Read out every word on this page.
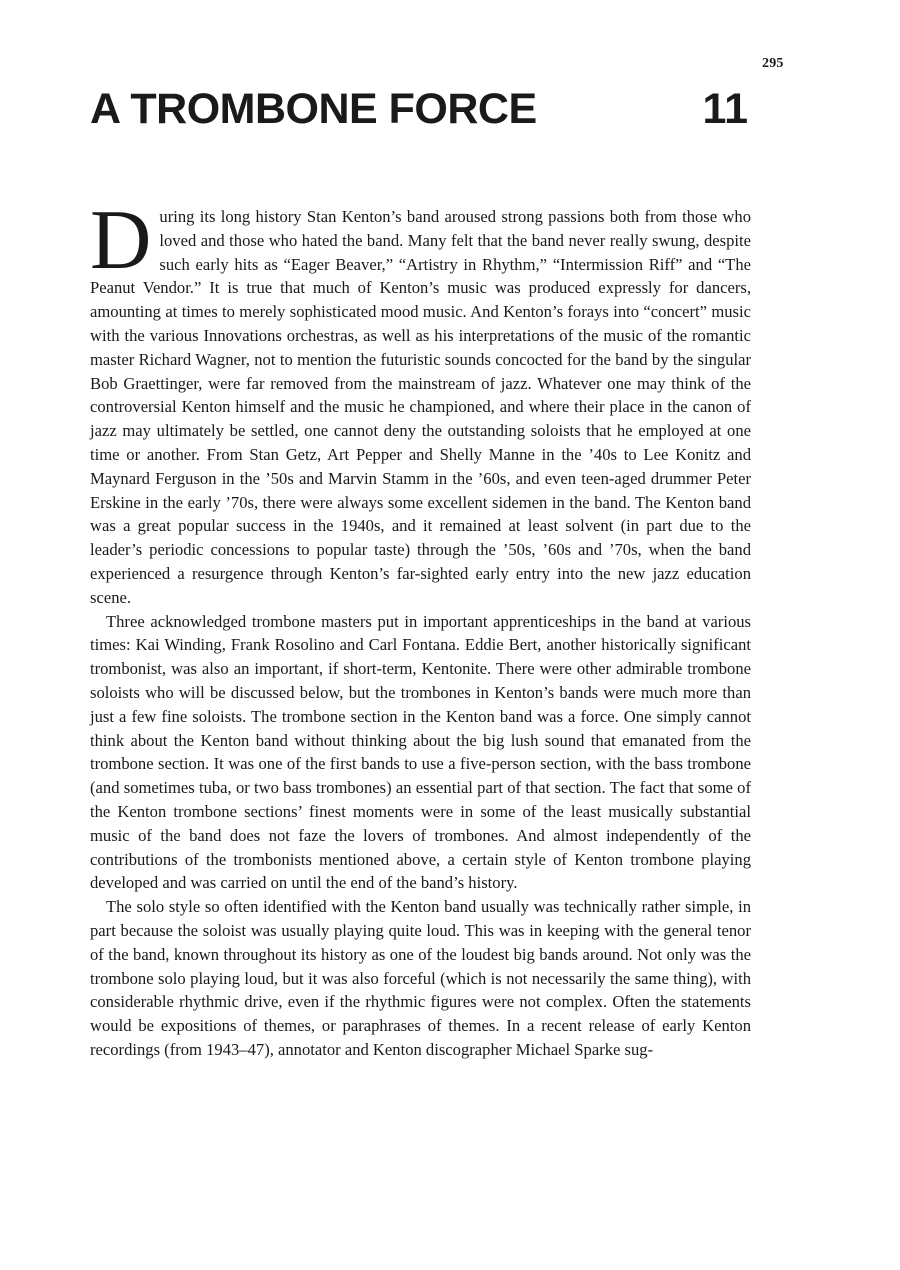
295
A TROMBONE FORCE	11

During its long history Stan Kenton’s band aroused strong passions both from those who loved and those who hated the band. Many felt that the band never really swung, despite such early hits as “Eager Beaver,” “Artistry in Rhythm,” “Intermission Riff” and “The Peanut Vendor.” It is true that much of Kenton’s music was produced expressly for dancers, amounting at times to merely sophisticated mood music. And Kenton’s forays into “concert” music with the various Innovations orchestras, as well as his interpretations of the music of the romantic master Richard Wagner, not to mention the futuristic sounds concocted for the band by the singular Bob Graettinger, were far removed from the mainstream of jazz. Whatever one may think of the controversial Kenton himself and the music he championed, and where their place in the canon of jazz may ultimately be settled, one cannot deny the outstanding soloists that he employed at one time or another. From Stan Getz, Art Pepper and Shelly Manne in the ’40s to Lee Konitz and Maynard Ferguson in the ’50s and Marvin Stamm in the ’60s, and even teen-aged drummer Peter Erskine in the early ’70s, there were always some excellent sidemen in the band. The Kenton band was a great popular success in the 1940s, and it remained at least solvent (in part due to the leader’s periodic concessions to popular taste) through the ’50s, ’60s and ’70s, when the band experienced a resurgence through Kenton’s far-sighted early entry into the new jazz education scene.

Three acknowledged trombone masters put in important apprenticeships in the band at various times: Kai Winding, Frank Rosolino and Carl Fontana. Eddie Bert, another historically significant trombonist, was also an important, if short-term, Kentonite. There were other admirable trombone soloists who will be discussed below, but the trombones in Kenton’s bands were much more than just a few fine soloists. The trombone section in the Kenton band was a force. One simply cannot think about the Kenton band without thinking about the big lush sound that emanated from the trombone section. It was one of the first bands to use a five-person section, with the bass trombone (and sometimes tuba, or two bass trombones) an essential part of that section. The fact that some of the Kenton trombone sections’ finest moments were in some of the least musically substantial music of the band does not faze the lovers of trombones. And almost independently of the contributions of the trombonists mentioned above, a certain style of Kenton trombone playing developed and was carried on until the end of the band’s history.

The solo style so often identified with the Kenton band usually was technically rather simple, in part because the soloist was usually playing quite loud. This was in keeping with the general tenor of the band, known throughout its history as one of the loudest big bands around. Not only was the trombone solo playing loud, but it was also forceful (which is not necessarily the same thing), with considerable rhythmic drive, even if the rhythmic figures were not complex. Often the statements would be expositions of themes, or paraphrases of themes. In a recent release of early Kenton recordings (from 1943–47), annotator and Kenton discographer Michael Sparke sug-
